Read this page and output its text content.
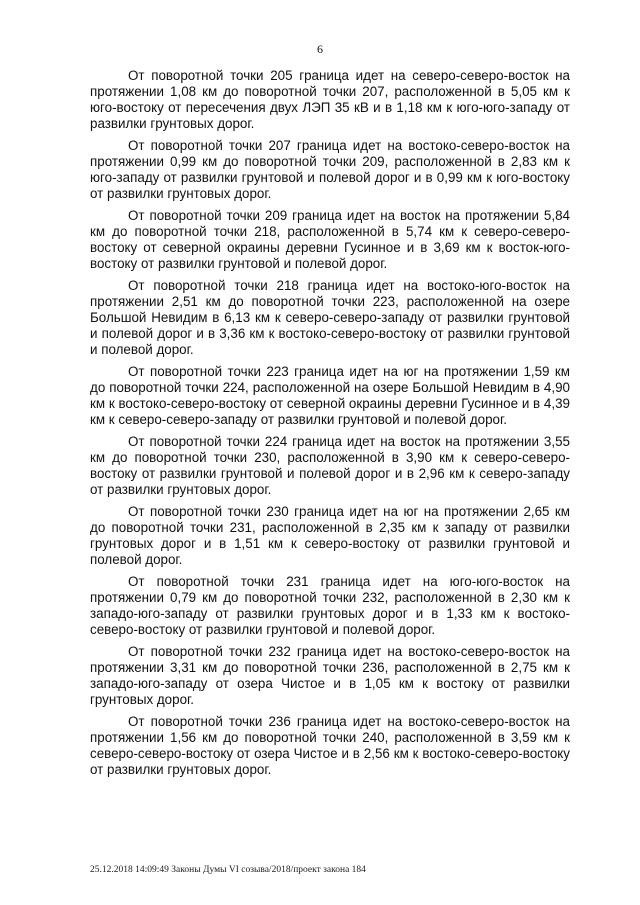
6

От поворотной точки 205 граница идет на северо-северо-восток на протяжении 1,08 км до поворотной точки 207, расположенной в 5,05 км к юго-востоку от пересечения двух ЛЭП 35 кВ и в 1,18 км к юго-юго-западу от развилки грунтовых дорог.

От поворотной точки 207 граница идет на востоко-северо-восток на протяжении 0,99 км до поворотной точки 209, расположенной в 2,83 км к юго-западу от развилки грунтовой и полевой дорог и в 0,99 км к юго-востоку от развилки грунтовых дорог.

От поворотной точки 209 граница идет на восток на протяжении 5,84 км до поворотной точки 218, расположенной в 5,74 км к северо-северо-востоку от северной окраины деревни Гусинное и в 3,69 км к восток-юго-востоку от развилки грунтовой и полевой дорог.

От поворотной точки 218 граница идет на востоко-юго-восток на протяжении 2,51 км до поворотной точки 223, расположенной на озере Большой Невидим в 6,13 км к северо-северо-западу от развилки грунтовой и полевой дорог и в 3,36 км к востоко-северо-востоку от развилки грунтовой и полевой дорог.

От поворотной точки 223 граница идет на юг на протяжении 1,59 км до поворотной точки 224, расположенной на озере Большой Невидим в 4,90 км к востоко-северо-востоку от северной окраины деревни Гусинное и в 4,39 км к северо-северо-западу от развилки грунтовой и полевой дорог.

От поворотной точки 224 граница идет на восток на протяжении 3,55 км до поворотной точки 230, расположенной в 3,90 км к северо-северо-востоку от развилки грунтовой и полевой дорог и в 2,96 км к северо-западу от развилки грунтовых дорог.

От поворотной точки 230 граница идет на юг на протяжении 2,65 км до поворотной точки 231, расположенной в 2,35 км к западу от развилки грунтовых дорог и в 1,51 км к северо-востоку от развилки грунтовой и полевой дорог.

От поворотной точки 231 граница идет на юго-юго-восток на протяжении 0,79 км до поворотной точки 232, расположенной в 2,30 км к западо-юго-западу от развилки грунтовых дорог и в 1,33 км к востоко-северо-востоку от развилки грунтовой и полевой дорог.

От поворотной точки 232 граница идет на востоко-северо-восток на протяжении 3,31 км до поворотной точки 236, расположенной в 2,75 км к западо-юго-западу от озера Чистое и в 1,05 км к востоку от развилки грунтовых дорог.

От поворотной точки 236 граница идет на востоко-северо-восток на протяжении 1,56 км до поворотной точки 240, расположенной в 3,59 км к северо-северо-востоку от озера Чистое и в 2,56 км к востоко-северо-востоку от развилки грунтовых дорог.

25.12.2018 14:09:49 Законы Думы VI созыва/2018/проект закона 184
